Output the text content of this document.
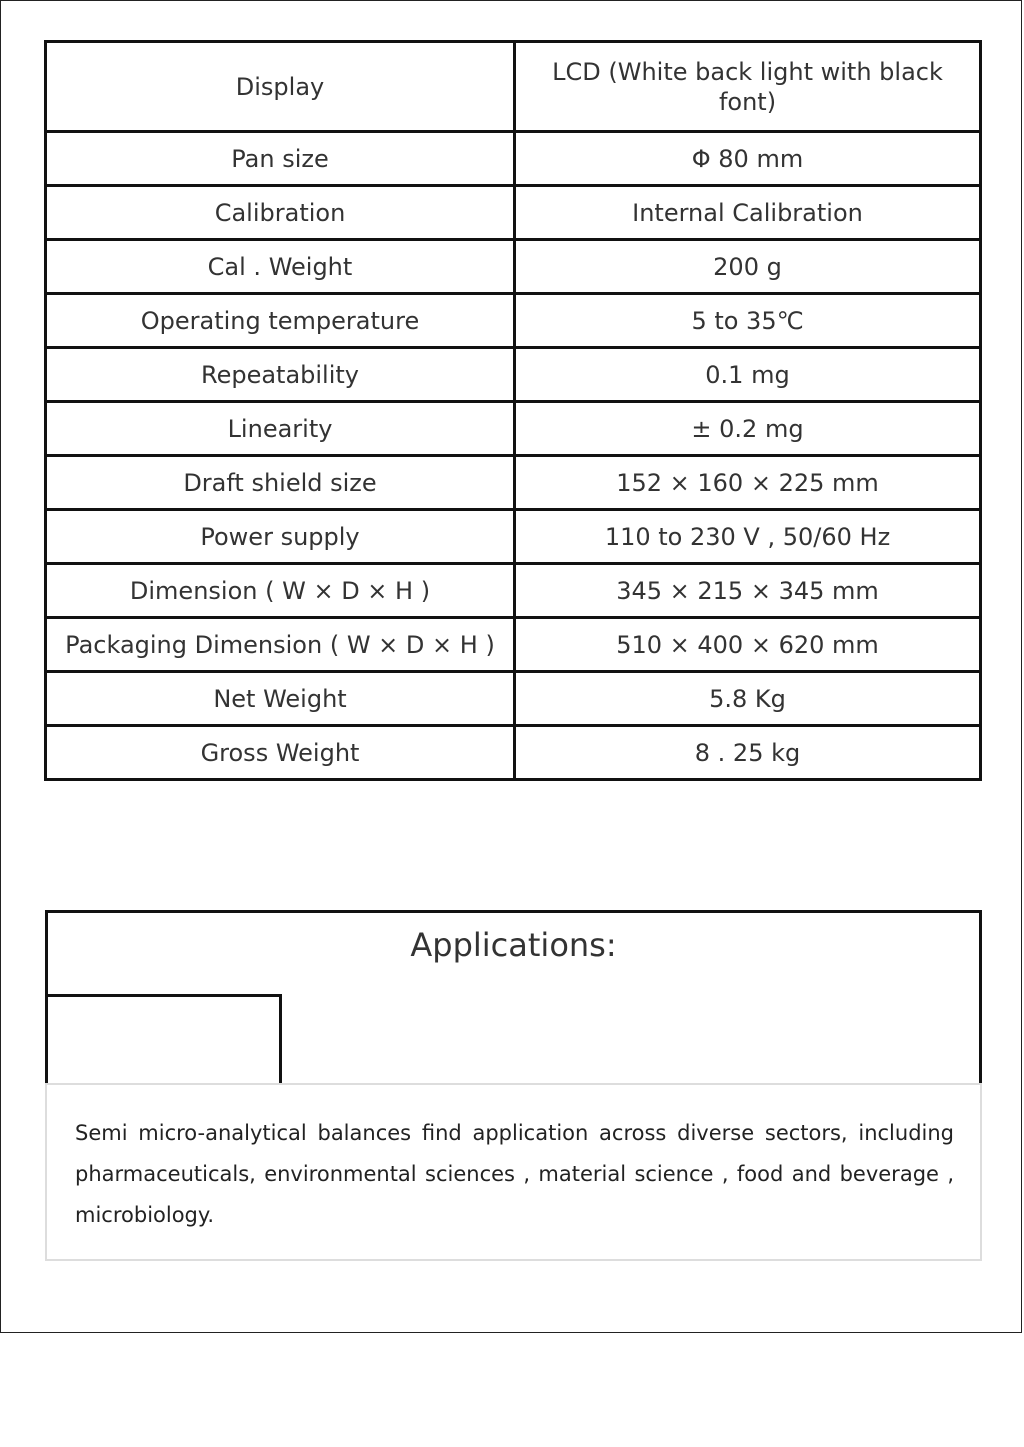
Display	LCD (White back light with black font)
Pan size	Φ 80 mm
Calibration	Internal Calibration
Cal . Weight	200 g
Operating temperature	5 to 35℃
Repeatability	0.1 mg
Linearity	± 0.2 mg
Draft shield size	152 × 160 × 225 mm
Power supply	110 to 230 V , 50/60 Hz
Dimension ( W × D × H )	345 × 215 × 345 mm
Packaging Dimension ( W × D × H )	510 × 400 × 620 mm
Net Weight	5.8 Kg
Gross Weight	8 . 25 kg
Applications:

Semi micro-analytical balances find application across diverse sectors, including pharmaceuticals, environmental sciences , material science , food and beverage , microbiology.
